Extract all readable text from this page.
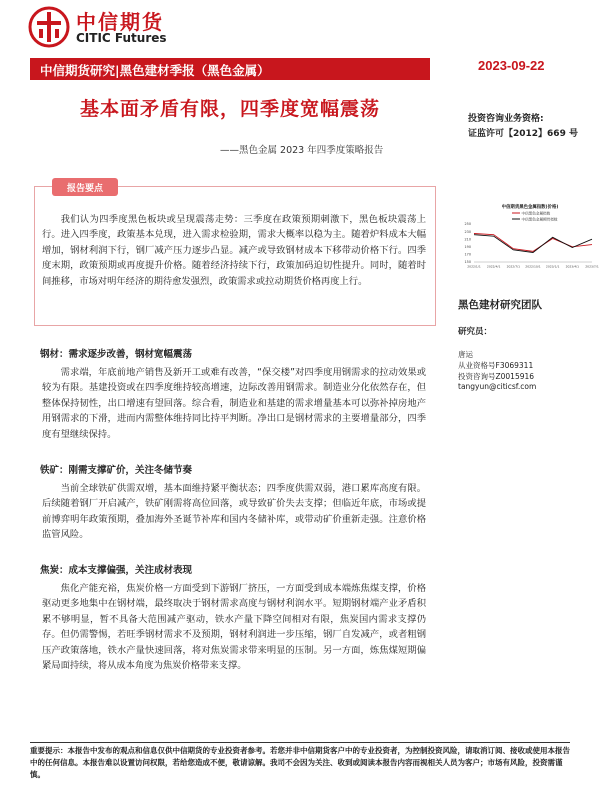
中信期货
CITIC Futures
中信期货研究|黑色建材季报（黑色金属）	2023-09-22
基本面矛盾有限，四季度宽幅震荡
——黑色金属 2023 年四季度策略报告
投资咨询业务资格:
证监许可【2012】669 号
报告要点
我们认为四季度黑色板块或呈现震荡走势：三季度在政策预期刺激下，黑色板块震荡上行。进入四季度，政策基本兑现，进入需求检验期，需求大概率以稳为主。随着炉料成本大幅增加，钢材利润下行，钢厂减产压力逐步凸显。减产或导致钢材成本下移带动价格下行。四季度末期，政策预期或再度提升价格。随着经济持续下行，政策加码迫切性提升。同时，随着时间推移，市场对明年经济的期待愈发强烈，政策需求或拉动期货价格再度上行。
中信期货黑色金属指数(价格)
中信黑色金属指数
中信黑色金属期货指数
150
170
190
210
230
250
2022/1/1 2022/4/1 2022/7/1 2022/10/1 2023/1/1 2023/4/1 2023/7/1
黑色建材研究团队
研究员：
唐运
从业资格号F3069311
投资咨询号Z0015916
tangyun@citicsf.com
钢材：需求逐步改善，钢材宽幅震荡
需求端，年底前地产销售及新开工或难有改善，“保交楼”对四季度用钢需求的拉动效果或较为有限。基建投资或在四季度维持较高增速，边际改善用钢需求。制造业分化依然存在，但整体保持韧性，出口增速有望回落。综合看，制造业和基建的需求增量基本可以弥补掉房地产用钢需求的下滑，进而内需整体维持同比持平判断。净出口是钢材需求的主要增量部分，四季度有望继续保持。
铁矿：刚需支撑矿价，关注冬储节奏
当前全球铁矿供需双增，基本面维持紧平衡状态；四季度供需双弱，港口累库高度有限。后续随着钢厂开启减产，铁矿刚需将高位回落，或导致矿价失去支撑；但临近年底，市场或提前博弈明年政策预期，叠加海外圣诞节补库和国内冬储补库，或带动矿价重新走强。注意价格监管风险。
焦炭：成本支撑偏强，关注成材表现
焦化产能充裕，焦炭价格一方面受到下游钢厂挤压，一方面受到成本端炼焦煤支撑，价格驱动更多地集中在钢材端，最终取决于钢材需求高度与钢材利润水平。短期钢材端产业矛盾积累不够明显，暂不具备大范围减产驱动，铁水产量下降空间相对有限，焦炭国内需求支撑仍存。但仍需警惕，若旺季钢材需求不及预期，钢材利润进一步压缩，钢厂自发减产，或者粗钢压产政策落地，铁水产量快速回落，将对焦炭需求带来明显的压制。另一方面，炼焦煤短期偏紧局面持续，将从成本角度为焦炭价格带来支撑。
重要提示：本报告中发布的观点和信息仅供中信期货的专业投资者参考。若您并非中信期货客户中的专业投资者，为控制投资风险，请取消订阅、接收或使用本报告中的任何信息。本报告难以设置访问权限，若给您造成不便，敬请谅解。我司不会因为关注、收到或阅读本报告内容而视相关人员为客户；市场有风险，投资需谨慎。
